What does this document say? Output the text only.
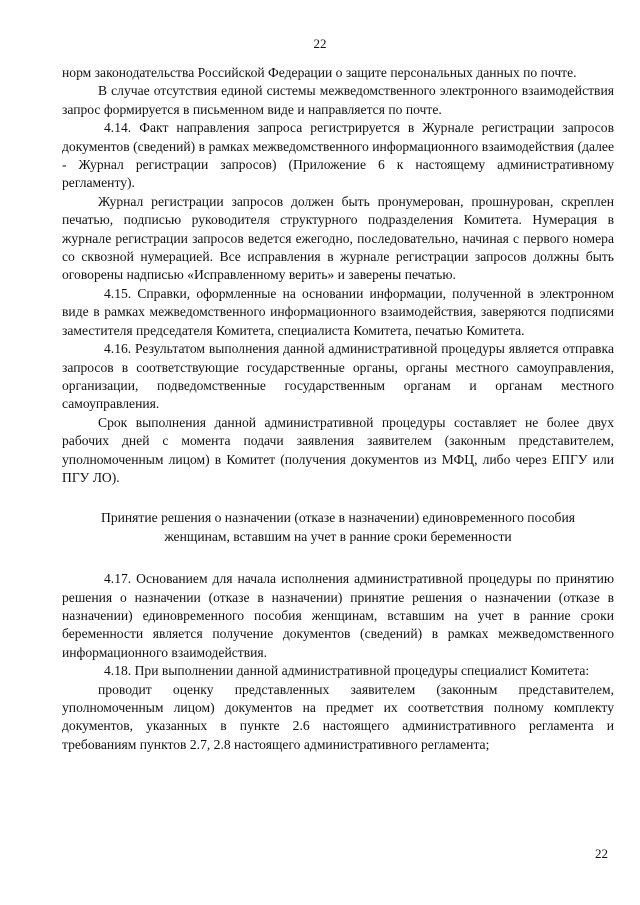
22

норм законодательства Российской Федерации о защите персональных данных по почте.

В случае отсутствия единой системы межведомственного электронного взаимодействия запрос формируется в письменном виде и направляется по почте.

4.14. Факт направления запроса регистрируется в Журнале регистрации запросов документов (сведений) в рамках межведомственного информационного взаимодействия (далее - Журнал регистрации запросов) (Приложение 6 к настоящему административному регламенту).

Журнал регистрации запросов должен быть пронумерован, прошнурован, скреплен печатью, подписью руководителя структурного подразделения Комитета. Нумерация в журнале регистрации запросов ведется ежегодно, последовательно, начиная с первого номера со сквозной нумерацией. Все исправления в журнале регистрации запросов должны быть оговорены надписью «Исправленному верить» и заверены печатью.

4.15. Справки, оформленные на основании информации, полученной в электронном виде в рамках межведомственного информационного взаимодействия, заверяются подписями заместителя председателя Комитета, специалиста Комитета, печатью Комитета.

4.16. Результатом выполнения данной административной процедуры является отправка запросов в соответствующие государственные органы, органы местного самоуправления, организации, подведомственные государственным органам и органам местного самоуправления.

Срок выполнения данной административной процедуры составляет не более двух рабочих дней с момента подачи заявления заявителем (законным представителем, уполномоченным лицом) в Комитет (получения документов из МФЦ, либо через ЕПГУ или ПГУ ЛО).

Принятие решения о назначении (отказе в назначении) единовременного пособия женщинам, вставшим на учет в ранние сроки беременности

4.17. Основанием для начала исполнения административной процедуры по принятию решения о назначении (отказе в назначении) принятие решения о назначении (отказе в назначении) единовременного пособия женщинам, вставшим на учет в ранние сроки беременности является получение документов (сведений) в рамках межведомственного информационного взаимодействия.

4.18. При выполнении данной административной процедуры специалист Комитета:

проводит оценку представленных заявителем (законным представителем, уполномоченным лицом) документов на предмет их соответствия полному комплекту документов, указанных в пункте 2.6 настоящего административного регламента и требованиям пунктов 2.7, 2.8 настоящего административного регламента;

22
